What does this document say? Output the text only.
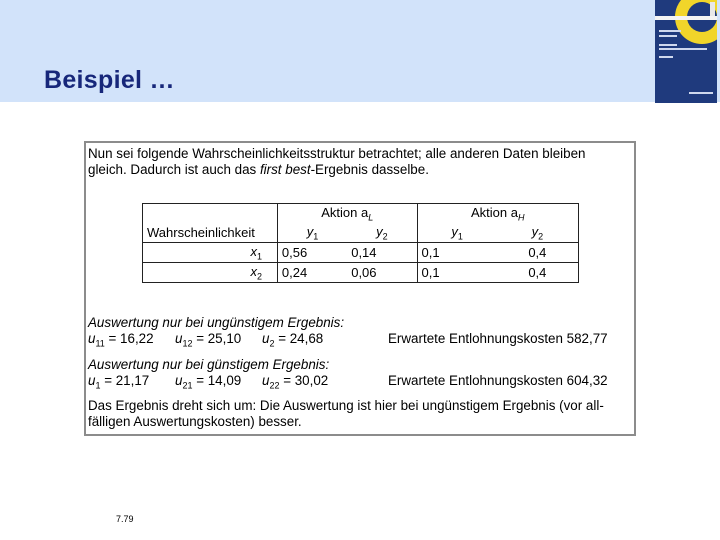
Beispiel …
Nun sei folgende Wahrscheinlichkeitsstruktur betrachtet; alle anderen Daten bleiben
gleich. Dadurch ist auch das first best-Ergebnis dasselbe.
	Aktion $a_L$		Aktion $a_H$
Wahrscheinlichkeit	$y_1$	$y_2$	$y_1$	$y_2$
$x_1$	0,56	0,14	0,1	0,4
$x_2$	0,24	0,06	0,1	0,4
Auswertung nur bei ungünstigem Ergebnis:
$u_{11} = 16,22$ $u_{12} = 25,10$ $u_2 = 24,68$	Erwartete Entlohnungskosten 582,77
Auswertung nur bei günstigem Ergebnis:
$u_1 = 21,17$ $u_{21} = 14,09$ $u_{22} = 30,02$	Erwartete Entlohnungskosten 604,32
Das Ergebnis dreht sich um: Die Auswertung ist hier bei ungünstigem Ergebnis (vor all-
fälligen Auswertungskosten) besser.
7.79
